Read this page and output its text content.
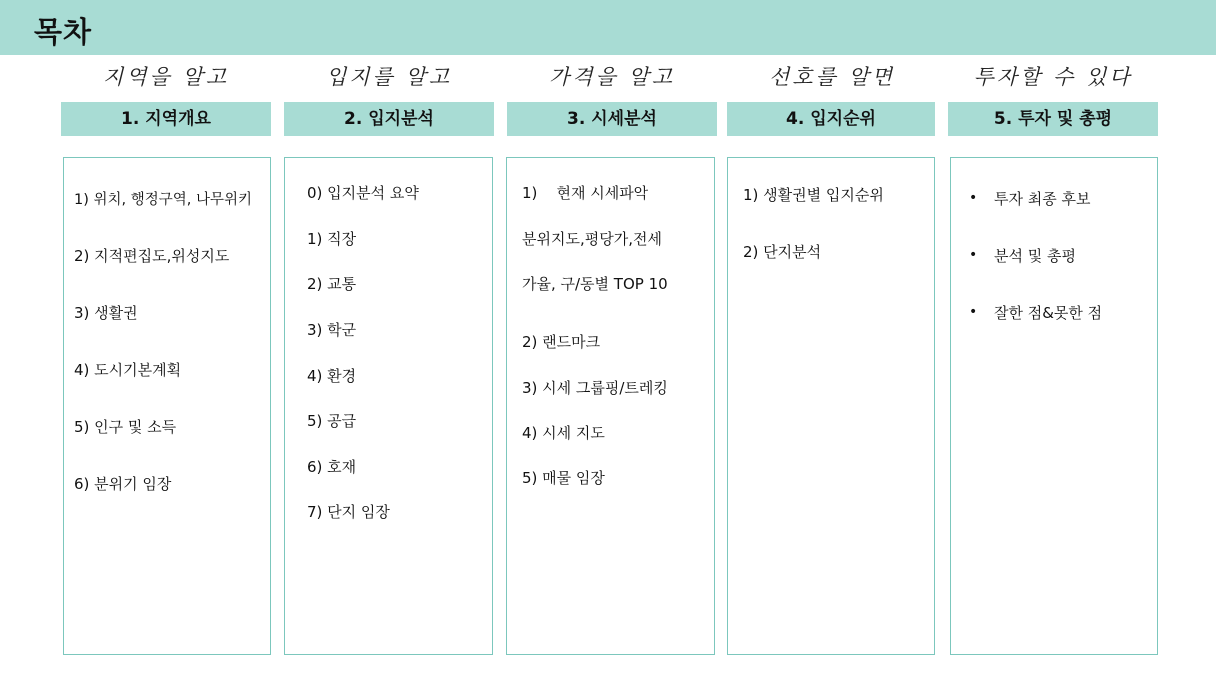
목차
지역을 알고
1. 지역개요
1) 위치, 행정구역, 나무위키
2) 지적편집도,위성지도
3) 생활권
4) 도시기본계획
5) 인구 및 소득
6) 분위기 임장
입지를 알고
2. 입지분석
0) 입지분석 요약
1) 직장
2) 교통
3) 학군
4) 환경
5) 공급
6) 호재
7) 단지 임장
가격을 알고
3. 시세분석
1)    현재 시세파악
분위지도,평당가,전세
가율, 구/동별 TOP 10
2) 랜드마크
3) 시세 그룹핑/트레킹
4) 시세 지도
5) 매물 임장
선호를 알면
4. 입지순위
1) 생활권별 입지순위
2) 단지분석
투자할 수 있다
5. 투자 및 총평
• 투자 최종 후보
• 분석 및 총평
• 잘한 점&못한 점
